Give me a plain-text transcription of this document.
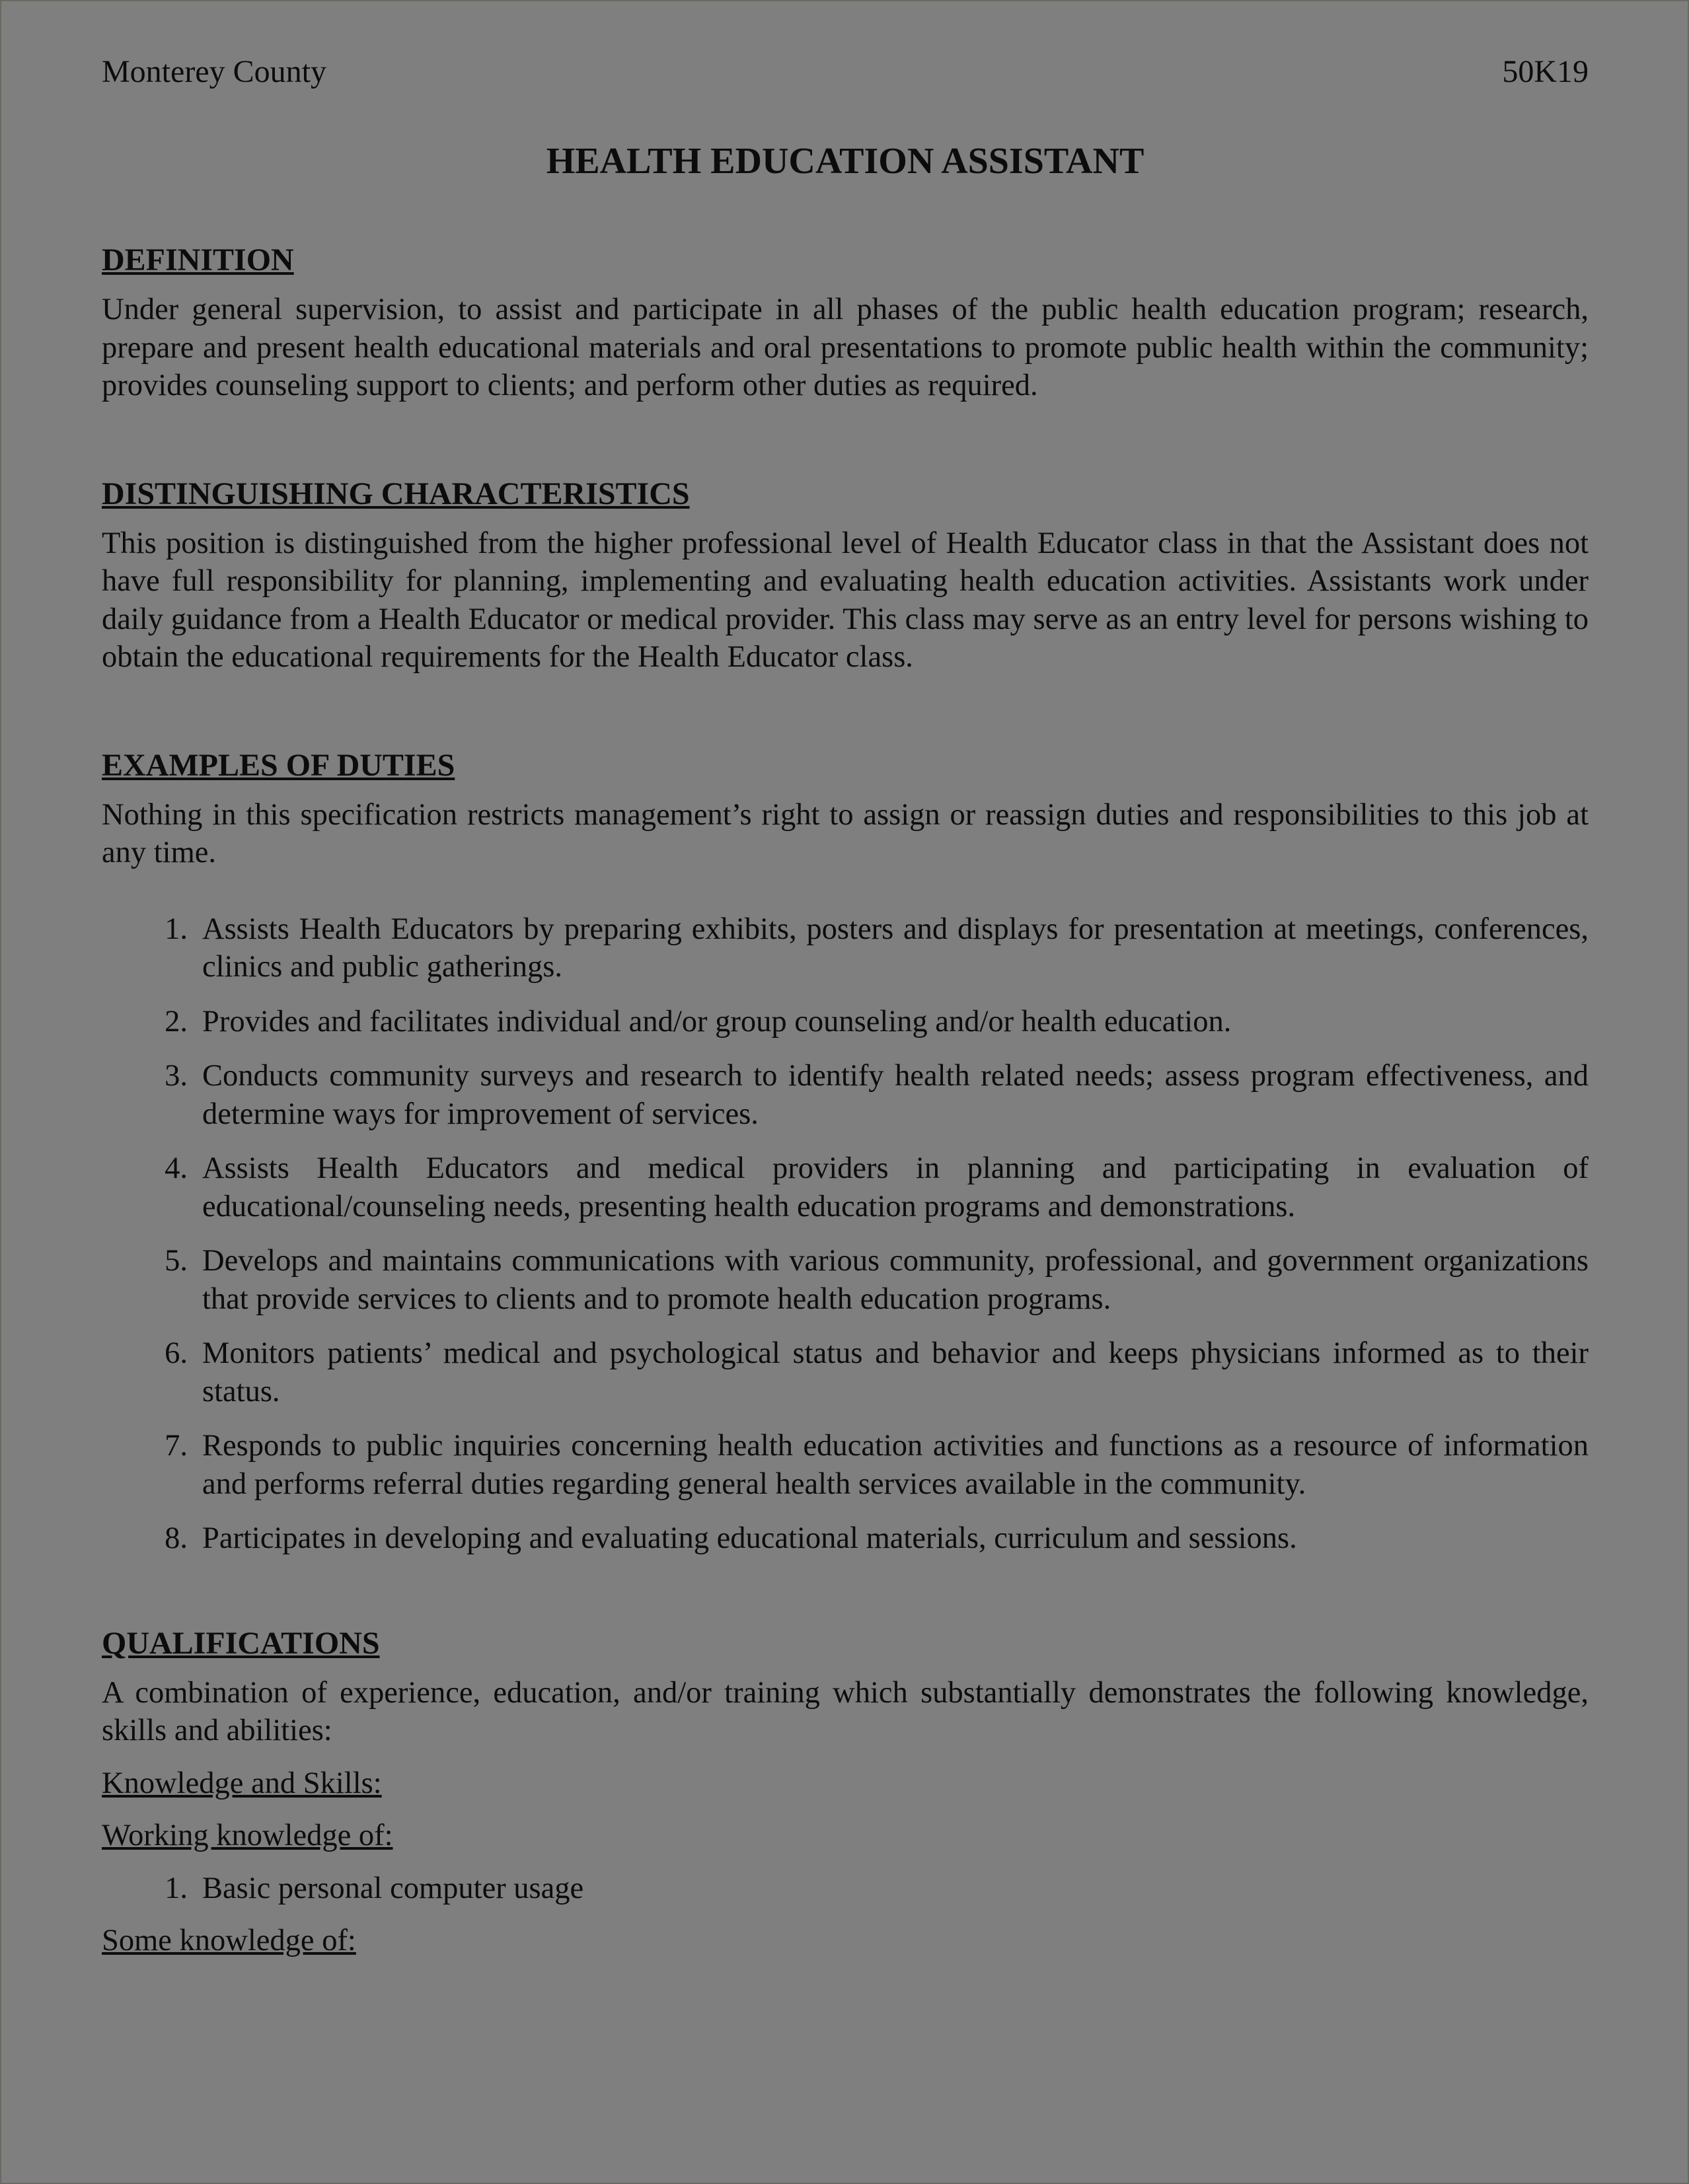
Monterey County	50K19
HEALTH EDUCATION ASSISTANT
DEFINITION

Under general supervision, to assist and participate in all phases of the public health education program; research, prepare and present health educational materials and oral presentations to promote public health within the community; provides counseling support to clients; and perform other duties as required.

DISTINGUISHING CHARACTERISTICS

This position is distinguished from the higher professional level of Health Educator class in that the Assistant does not have full responsibility for planning, implementing and evaluating health education activities. Assistants work under daily guidance from a Health Educator or medical provider. This class may serve as an entry level for persons wishing to obtain the educational requirements for the Health Educator class.

EXAMPLES OF DUTIES

Nothing in this specification restricts management’s right to assign or reassign duties and responsibilities to this job at any time.

1. Assists Health Educators by preparing exhibits, posters and displays for presentation at meetings, conferences, clinics and public gatherings.
2. Provides and facilitates individual and/or group counseling and/or health education.
3. Conducts community surveys and research to identify health related needs; assess program effectiveness, and determine ways for improvement of services.
4. Assists Health Educators and medical providers in planning and participating in evaluation of educational/counseling needs, presenting health education programs and demonstrations.
5. Develops and maintains communications with various community, professional, and government organizations that provide services to clients and to promote health education programs.
6. Monitors patients’ medical and psychological status and behavior and keeps physicians informed as to their status.
7. Responds to public inquiries concerning health education activities and functions as a resource of information and performs referral duties regarding general health services available in the community.
8. Participates in developing and evaluating educational materials, curriculum and sessions.
QUALIFICATIONS

A combination of experience, education, and/or training which substantially demonstrates the following knowledge, skills and abilities:

Knowledge and Skills:

Working knowledge of:

1. Basic personal computer usage

Some knowledge of:
